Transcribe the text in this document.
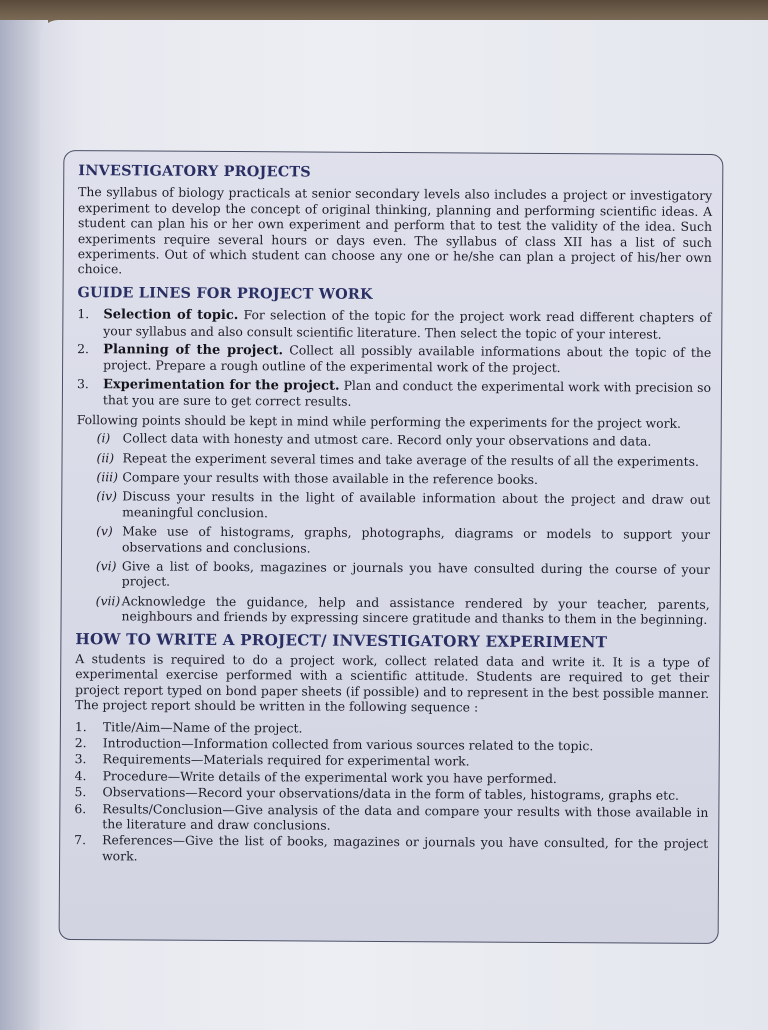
INVESTIGATORY PROJECTS

The syllabus of biology practicals at senior secondary levels also includes a project or investigatory experiment to develop the concept of original thinking, planning and performing scientific ideas. A student can plan his or her own experiment and perform that to test the validity of the idea. Such experiments require several hours or days even. The syllabus of class XII has a list of such experiments. Out of which student can choose any one or he/she can plan a project of his/her own choice.

GUIDE LINES FOR PROJECT WORK
1.	Selection of topic. For selection of the topic for the project work read different chapters of your syllabus and also consult scientific literature. Then select the topic of your interest.
2.	Planning of the project. Collect all possibly available informations about the topic of the project. Prepare a rough outline of the experimental work of the project.
3.	Experimentation for the project. Plan and conduct the experimental work with precision so that you are sure to get correct results.

Following points should be kept in mind while performing the experiments for the project work.

(i) Collect data with honesty and utmost care. Record only your observations and data.
(ii) Repeat the experiment several times and take average of the results of all the experiments.
(iii) Compare your results with those available in the reference books.
(iv) Discuss your results in the light of available information about the project and draw out meaningful conclusion.
(v) Make use of histograms, graphs, photographs, diagrams or models to support your observations and conclusions.
(vi) Give a list of books, magazines or journals you have consulted during the course of your project.
(vii) Acknowledge the guidance, help and assistance rendered by your teacher, parents, neighbours and friends by expressing sincere gratitude and thanks to them in the beginning.
HOW TO WRITE A PROJECT/ INVESTIGATORY EXPERIMENT

A students is required to do a project work, collect related data and write it. It is a type of experimental exercise performed with a scientific attitude. Students are required to get their project report typed on bond paper sheets (if possible) and to represent in the best possible manner. The project report should be written in the following sequence :

1.	Title/Aim—Name of the project.
2.	Introduction—Information collected from various sources related to the topic.
3.	Requirements—Materials required for experimental work.
4.	Procedure—Write details of the experimental work you have performed.
5.	Observations—Record your observations/data in the form of tables, histograms, graphs etc.
6.	Results/Conclusion—Give analysis of the data and compare your results with those available in the literature and draw conclusions.
7.	References—Give the list of books, magazines or journals you have consulted, for the project work.
